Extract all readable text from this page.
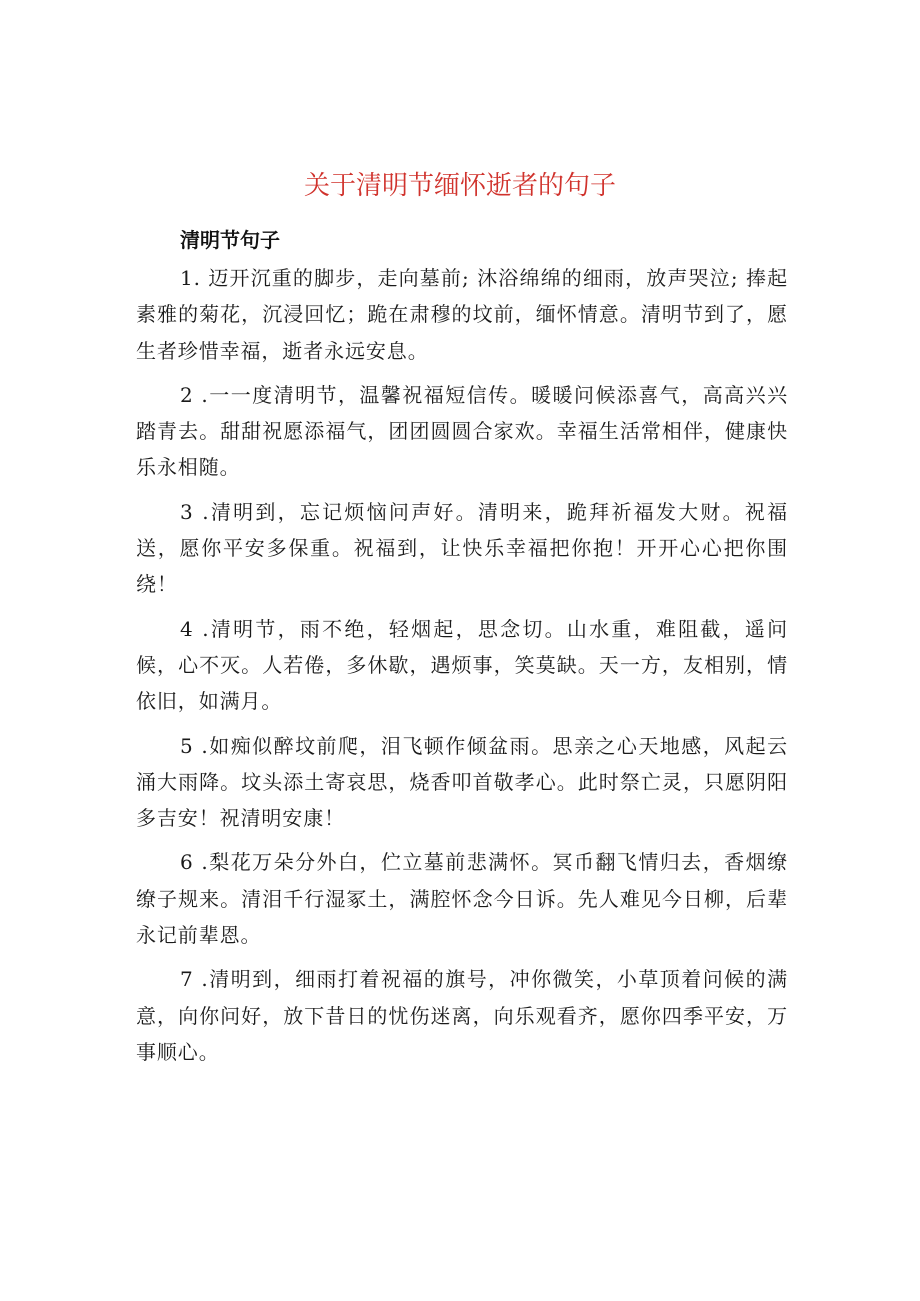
关于清明节缅怀逝者的句子
清明节句子

1. 迈开沉重的脚步，走向墓前; 沐浴绵绵的细雨，放声哭泣; 捧起素雅的菊花，沉浸回忆；跪在肃穆的坟前，缅怀情意。清明节到了，愿生者珍惜幸福，逝者永远安息。

2 .一一度清明节，温馨祝福短信传。暖暖问候添喜气，高高兴兴踏青去。甜甜祝愿添福气，团团圆圆合家欢。幸福生活常相伴，健康快乐永相随。

3 .清明到，忘记烦恼问声好。清明来，跪拜祈福发大财。祝福送，愿你平安多保重。祝福到，让快乐幸福把你抱！开开心心把你围绕！

4 .清明节，雨不绝，轻烟起，思念切。山水重，难阻截，遥问候，心不灭。人若倦，多休歇，遇烦事，笑莫缺。天一方，友相别，情依旧，如满月。

5 .如痴似醉坟前爬，泪飞顿作倾盆雨。思亲之心天地感，风起云涌大雨降。坟头添土寄哀思，烧香叩首敬孝心。此时祭亡灵，只愿阴阳多吉安！祝清明安康！

6 .梨花万朵分外白，伫立墓前悲满怀。冥币翻飞情归去，香烟缭缭子规来。清泪千行湿冢土，满腔怀念今日诉。先人难见今日柳，后辈永记前辈恩。

7 .清明到，细雨打着祝福的旗号，冲你微笑，小草顶着问候的满意，向你问好，放下昔日的忧伤迷离，向乐观看齐，愿你四季平安，万事顺心。
